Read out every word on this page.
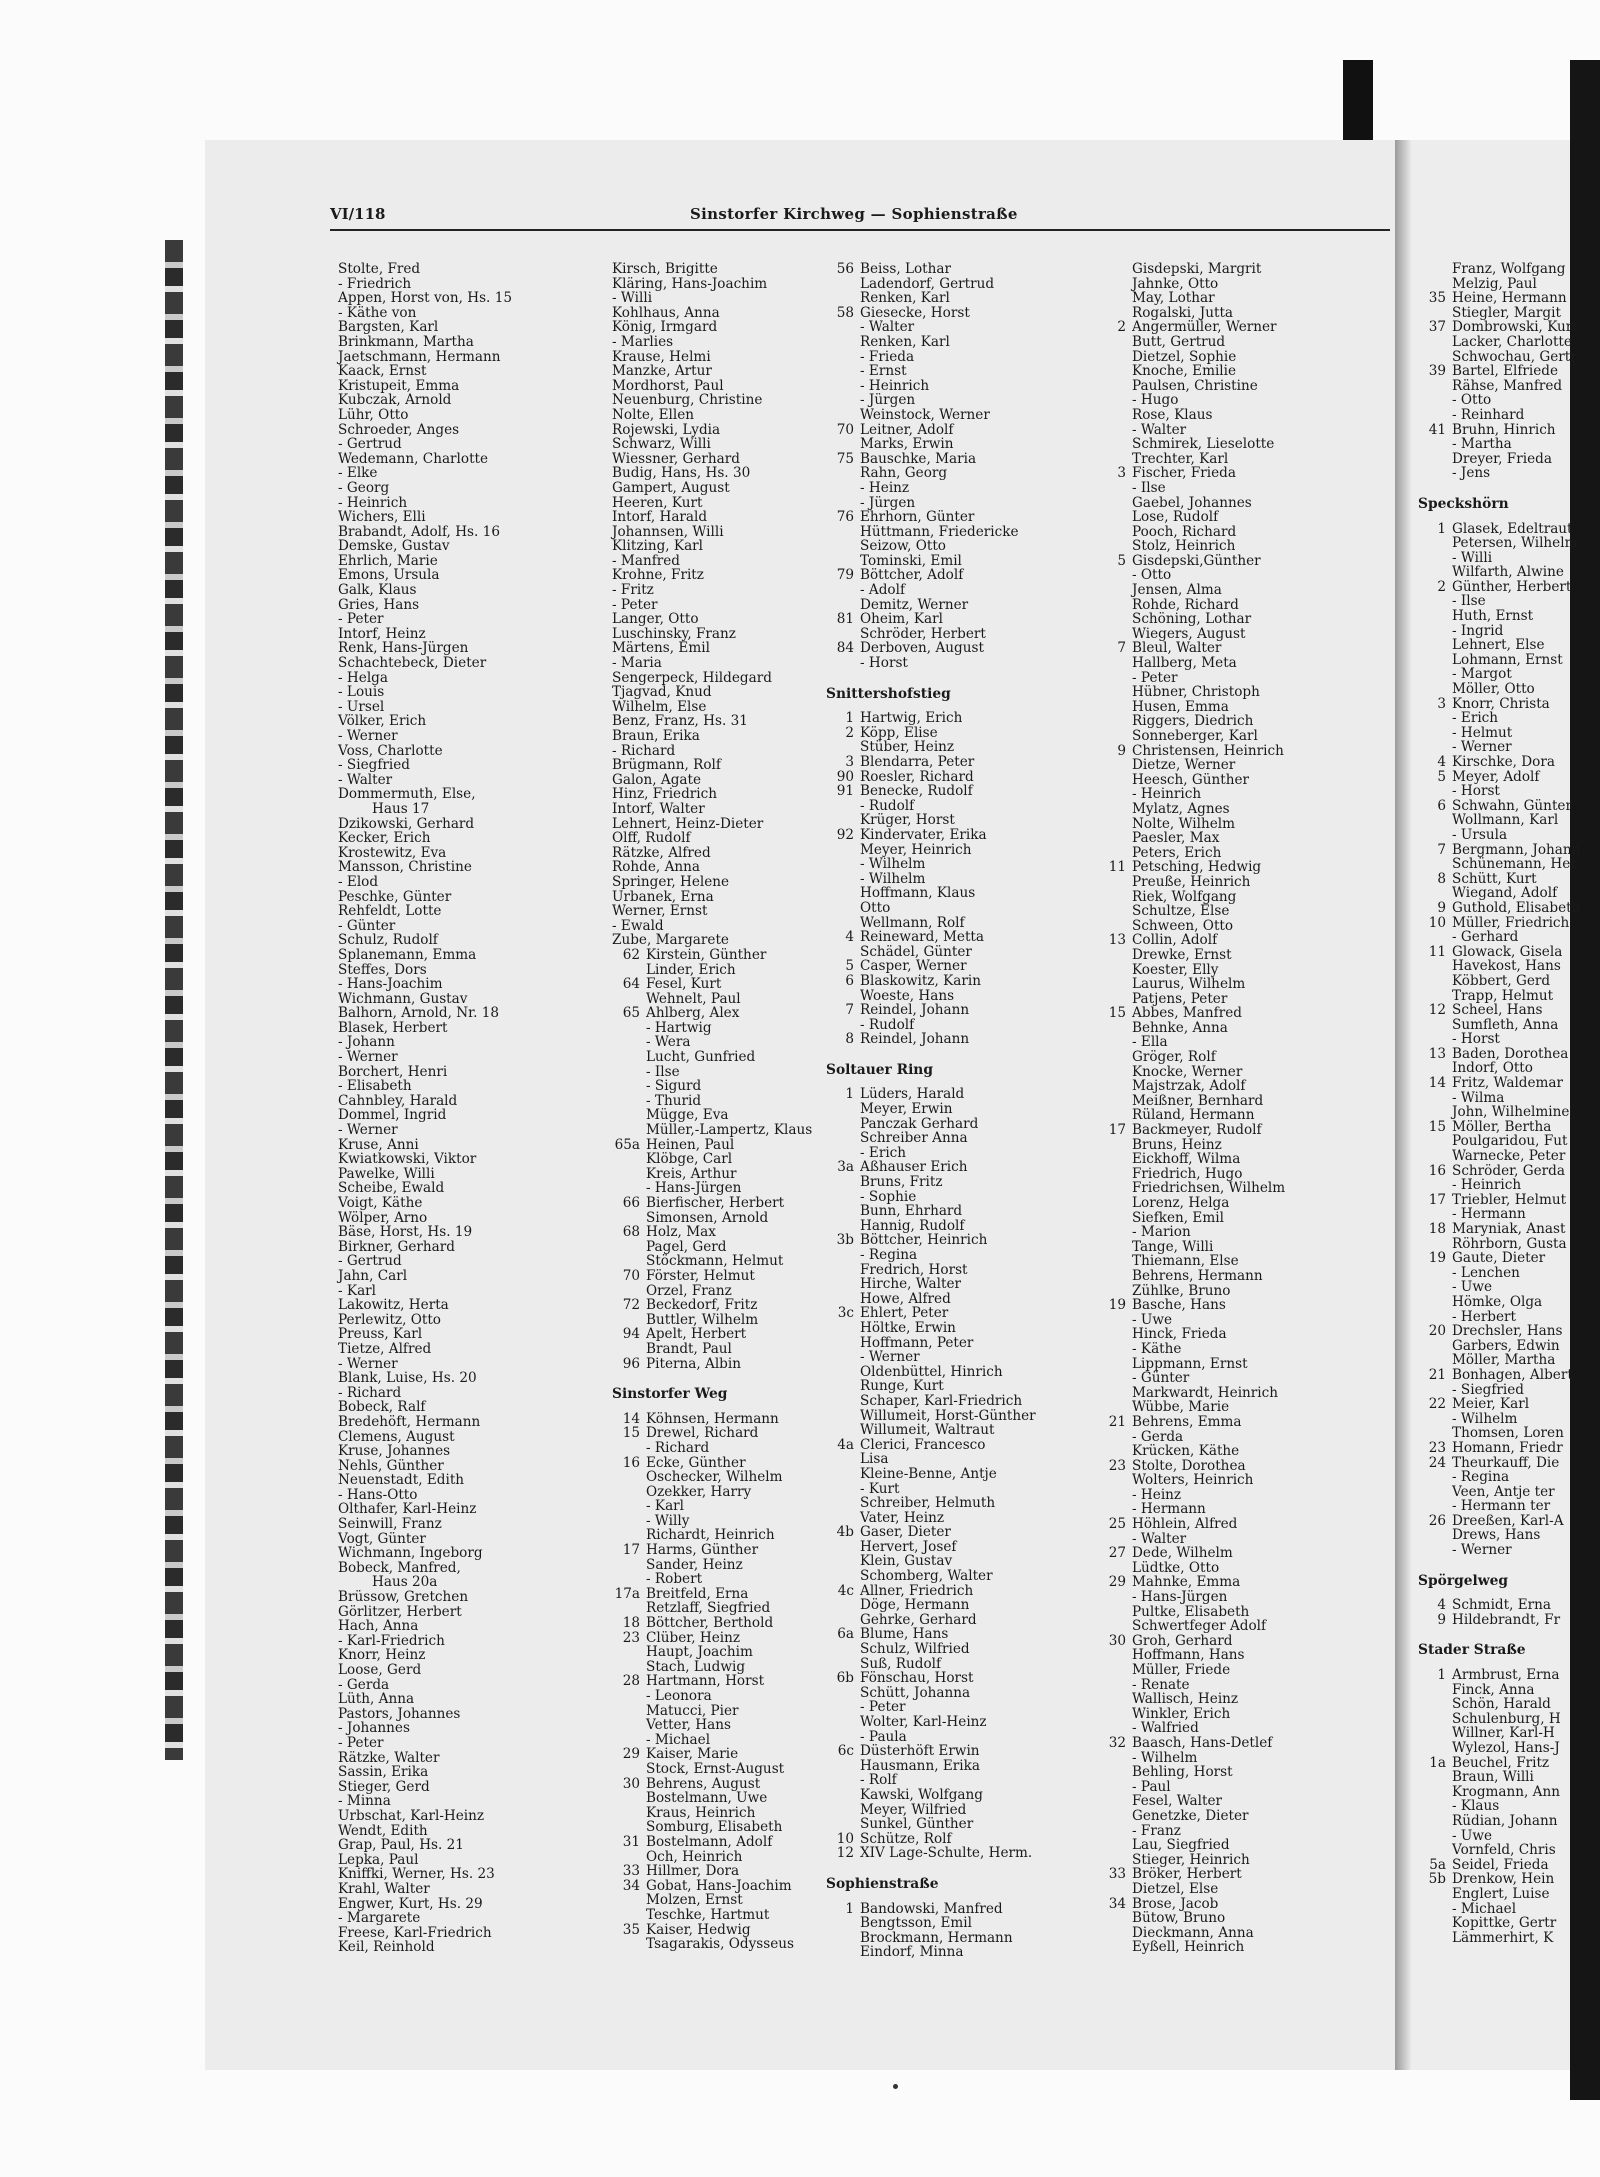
VI/118	Sinstorfer Kirchweg — Sophienstraße

Stolte, Fred

- Friedrich

Appen, Horst von, Hs. 15

- Käthe von

Bargsten, Karl

Brinkmann, Martha

Jaetschmann, Hermann

Kaack, Ernst

Kristupeit, Emma

Kubczak, Arnold

Lühr, Otto

Schroeder, Anges

- Gertrud

Wedemann, Charlotte

- Elke

- Georg

- Heinrich

Wichers, Elli

Brabandt, Adolf, Hs. 16

Demske, Gustav

Ehrlich, Marie

Emons, Ursula

Galk, Klaus

Gries, Hans

- Peter

Intorf, Heinz

Renk, Hans-Jürgen

Schachtebeck, Dieter

- Helga

- Louis

- Ursel

Völker, Erich

- Werner

Voss, Charlotte

- Siegfried

- Walter

Dommermuth, Else,

Haus 17

Dzikowski, Gerhard

Kecker, Erich

Krostewitz, Eva

Mansson, Christine

- Elod

Peschke, Günter

Rehfeldt, Lotte

- Günter

Schulz, Rudolf

Splanemann, Emma

Steffes, Dors

- Hans-Joachim

Wichmann, Gustav

Balhorn, Arnold, Nr. 18

Blasek, Herbert

- Johann

- Werner

Borchert, Henri

- Elisabeth

Cahnbley, Harald

Dommel, Ingrid

- Werner

Kruse, Anni

Kwiatkowski, Viktor

Pawelke, Willi

Scheibe, Ewald

Voigt, Käthe

Wölper, Arno

Bäse, Horst, Hs. 19

Birkner, Gerhard

- Gertrud

Jahn, Carl

- Karl

Lakowitz, Herta

Perlewitz, Otto

Preuss, Karl

Tietze, Alfred

- Werner

Blank, Luise, Hs. 20

- Richard

Bobeck, Ralf

Bredehöft, Hermann

Clemens, August

Kruse, Johannes

Nehls, Günther

Neuenstadt, Edith

- Hans-Otto

Olthafer, Karl-Heinz

Seinwill, Franz

Vogt, Günter

Wichmann, Ingeborg

Bobeck, Manfred,

Haus 20a

Brüssow, Gretchen

Görlitzer, Herbert

Hach, Anna

- Karl-Friedrich

Knorr, Heinz

Loose, Gerd

- Gerda

Lüth, Anna

Pastors, Johannes

- Johannes

- Peter

Rätzke, Walter

Sassin, Erika

Stieger, Gerd

- Minna

Urbschat, Karl-Heinz

Wendt, Edith

Grap, Paul, Hs. 21

Lepka, Paul

Kniffki, Werner, Hs. 23

Krahl, Walter

Engwer, Kurt, Hs. 29

- Margarete

Freese, Karl-Friedrich

Keil, Reinhold

Kirsch, Brigitte

Kläring, Hans-Joachim

- Willi

Kohlhaus, Anna

König, Irmgard

- Marlies

Krause, Helmi

Manzke, Artur

Mordhorst, Paul

Neuenburg, Christine

Nolte, Ellen

Rojewski, Lydia

Schwarz, Willi

Wiessner, Gerhard

Budig, Hans, Hs. 30

Gampert, August

Heeren, Kurt

Intorf, Harald

Johannsen, Willi

Klitzing, Karl

- Manfred

Krohne, Fritz

- Fritz

- Peter

Langer, Otto

Luschinsky, Franz

Märtens, Emil

- Maria

Sengerpeck, Hildegard

Tjagvad, Knud

Wilhelm, Else

Benz, Franz, Hs. 31

Braun, Erika

- Richard

Brügmann, Rolf

Galon, Agate

Hinz, Friedrich

Intorf, Walter

Lehnert, Heinz-Dieter

Olff, Rudolf

Rätzke, Alfred

Rohde, Anna

Springer, Helene

Urbanek, Erna

Werner, Ernst

- Ewald

Zube, Margarete

62 Kirstein, Günther

Linder, Erich

64 Fesel, Kurt

Wehnelt, Paul

65 Ahlberg, Alex

- Hartwig

- Wera

Lucht, Gunfried

- Ilse

- Sigurd

- Thurid

Mügge, Eva

Müller,-Lampertz, Klaus

65a Heinen, Paul

Klöbge, Carl

Kreis, Arthur

- Hans-Jürgen

66 Bierfischer, Herbert

Simonsen, Arnold

68 Holz, Max

Pagel, Gerd

Stöckmann, Helmut

70 Förster, Helmut

Orzel, Franz

72 Beckedorf, Fritz

Buttler, Wilhelm

94 Apelt, Herbert

Brandt, Paul

96 Piterna, Albin

Sinstorfer Weg

14 Köhnsen, Hermann

15 Drewel, Richard

- Richard

16 Ecke, Günther

Oschecker, Wilhelm

Ozekker, Harry

- Karl

- Willy

Richardt, Heinrich

17 Harms, Günther

Sander, Heinz

- Robert

17a Breitfeld, Erna

Retzlaff, Siegfried

18 Böttcher, Berthold

23 Clüber, Heinz

Haupt, Joachim

Stach, Ludwig

28 Hartmann, Horst

- Leonora

Matucci, Pier

Vetter, Hans

- Michael

29 Kaiser, Marie

Stock, Ernst-August

30 Behrens, August

Bostelmann, Uwe

Kraus, Heinrich

Somburg, Elisabeth

31 Bostelmann, Adolf

Och, Heinrich

33 Hillmer, Dora

34 Gobat, Hans-Joachim

Molzen, Ernst

Teschke, Hartmut

35 Kaiser, Hedwig

Tsagarakis, Odysseus

56 Beiss, Lothar

Ladendorf, Gertrud

Renken, Karl

58 Giesecke, Horst

- Walter

Renken, Karl

- Frieda

- Ernst

- Heinrich

- Jürgen

Weinstock, Werner

70 Leitner, Adolf

Marks, Erwin

75 Bauschke, Maria

Rahn, Georg

- Heinz

- Jürgen

76 Ehrhorn, Günter

Hüttmann, Friedericke

Seizow, Otto

Tominski, Emil

79 Böttcher, Adolf

- Adolf

Demitz, Werner

81 Oheim, Karl

Schröder, Herbert

84 Derboven, August

- Horst

Snittershofstieg

1 Hartwig, Erich

2 Köpp, Elise

Stüber, Heinz

3 Blendarra, Peter

90 Roesler, Richard

91 Benecke, Rudolf

- Rudolf

Krüger, Horst

92 Kindervater, Erika

Meyer, Heinrich

- Wilhelm

- Wilhelm

Hoffmann, Klaus

Otto

Wellmann, Rolf

4 Reineward, Metta

Schädel, Günter

5 Casper, Werner

6 Blaskowitz, Karin

Woeste, Hans

7 Reindel, Johann

- Rudolf

8 Reindel, Johann

Soltauer Ring

1 Lüders, Harald

Meyer, Erwin

Panczak Gerhard

Schreiber Anna

- Erich

3a Aßhauser Erich

Bruns, Fritz

- Sophie

Bunn, Ehrhard

Hannig, Rudolf

3b Böttcher, Heinrich

- Regina

Fredrich, Horst

Hirche, Walter

Howe, Alfred

3c Ehlert, Peter

Höltke, Erwin

Hoffmann, Peter

- Werner

Oldenbüttel, Hinrich

Runge, Kurt

Schaper, Karl-Friedrich

Willumeit, Horst-Günther

Willumeit, Waltraut

4a Clerici, Francesco

Lisa

Kleine-Benne, Antje

- Kurt

Schreiber, Helmuth

Vater, Heinz

4b Gaser, Dieter

Hervert, Josef

Klein, Gustav

Schomberg, Walter

4c Allner, Friedrich

Döge, Hermann

Gehrke, Gerhard

6a Blume, Hans

Schulz, Wilfried

Suß, Rudolf

6b Fönschau, Horst

Schütt, Johanna

- Peter

Wolter, Karl-Heinz

- Paula

6c Düsterhöft Erwin

Hausmann, Erika

- Rolf

Kawski, Wolfgang

Meyer, Wilfried

Sunkel, Günther

10 Schütze, Rolf

12 XIV Lage-Schulte, Herm.

Sophienstraße

1 Bandowski, Manfred

Bengtsson, Emil

Brockmann, Hermann

Eindorf, Minna

Gisdepski, Margrit

Jahnke, Otto

May, Lothar

Rogalski, Jutta

2 Angermüller, Werner

Butt, Gertrud

Dietzel, Sophie

Knoche, Emilie

Paulsen, Christine

- Hugo

Rose, Klaus

- Walter

Schmirek, Lieselotte

Trechter, Karl

3 Fischer, Frieda

- Ilse

Gaebel, Johannes

Lose, Rudolf

Pooch, Richard

Stolz, Heinrich

5 Gisdepski,Günther

- Otto

Jensen, Alma

Rohde, Richard

Schöning, Lothar

Wiegers, August

7 Bleul, Walter

Hallberg, Meta

- Peter

Hübner, Christoph

Husen, Emma

Riggers, Diedrich

Sonneberger, Karl

9 Christensen, Heinrich

Dietze, Werner

Heesch, Günther

- Heinrich

Mylatz, Agnes

Nolte, Wilhelm

Paesler, Max

Peters, Erich

11 Petsching, Hedwig

Preuße, Heinrich

Riek, Wolfgang

Schultze, Else

Schween, Otto

13 Collin, Adolf

Drewke, Ernst

Koester, Elly

Laurus, Wilhelm

Patjens, Peter

15 Abbes, Manfred

Behnke, Anna

- Ella

Gröger, Rolf

Knocke, Werner

Majstrzak, Adolf

Meißner, Bernhard

Rüland, Hermann

17 Backmeyer, Rudolf

Bruns, Heinz

Eickhoff, Wilma

Friedrich, Hugo

Friedrichsen, Wilhelm

Lorenz, Helga

Siefken, Emil

- Marion

Tange, Willi

Thiemann, Else

Behrens, Hermann

Zühlke, Bruno

19 Basche, Hans

- Uwe

Hinck, Frieda

- Käthe

Lippmann, Ernst

- Günter

Markwardt, Heinrich

Wübbe, Marie

21 Behrens, Emma

- Gerda

Krücken, Käthe

23 Stolte, Dorothea

Wolters, Heinrich

- Heinz

- Hermann

25 Höhlein, Alfred

- Walter

27 Dede, Wilhelm

Lüdtke, Otto

29 Mahnke, Emma

- Hans-Jürgen

Pultke, Elisabeth

Schwertfeger Adolf

30 Groh, Gerhard

Hoffmann, Hans

Müller, Friede

- Renate

Wallisch, Heinz

Winkler, Erich

- Walfried

32 Baasch, Hans-Detlef

- Wilhelm

Behling, Horst

- Paul

Fesel, Walter

Genetzke, Dieter

- Franz

Lau, Siegfried

Stieger, Heinrich

33 Bröker, Herbert

Dietzel, Else

34 Brose, Jacob

Bütow, Bruno

Dieckmann, Anna

Eyßell, Heinrich

Franz, Wolfgang

Melzig, Paul

35 Heine, Hermann

Stiegler, Margit

37 Dombrowski, Kurt

Lacker, Charlotte

Schwochau, Gertr

39 Bartel, Elfriede

Rähse, Manfred

- Otto

- Reinhard

41 Bruhn, Hinrich

- Martha

Dreyer, Frieda

- Jens

Speckshörn

1 Glasek, Edeltraut

Petersen, Wilhelm

- Willi

Wilfarth, Alwine

2 Günther, Herbert

- Ilse

Huth, Ernst

- Ingrid

Lehnert, Else

Lohmann, Ernst

- Margot

Möller, Otto

3 Knorr, Christa

- Erich

- Helmut

- Werner

4 Kirschke, Dora

5 Meyer, Adolf

- Horst

6 Schwahn, Günter

Wollmann, Karl

- Ursula

7 Bergmann, Johann

Schünemann, Her

8 Schütt, Kurt

Wiegand, Adolf

9 Guthold, Elisabeth

10 Müller, Friedrich

- Gerhard

11 Glowack, Gisela

Havekost, Hans

Köbbert, Gerd

Trapp, Helmut

12 Scheel, Hans

Sumfleth, Anna

- Horst

13 Baden, Dorothea

Indorf, Otto

14 Fritz, Waldemar

- Wilma

John, Wilhelmine

15 Möller, Bertha

Poulgaridou, Fut

Warnecke, Peter

16 Schröder, Gerda

- Heinrich

17 Triebler, Helmut

- Hermann

18 Maryniak, Anast

Röhrborn, Gusta

19 Gaute, Dieter

- Lenchen

- Uwe

Hömke, Olga

- Herbert

20 Drechsler, Hans

Garbers, Edwin

Möller, Martha

21 Bonhagen, Albert

- Siegfried

22 Meier, Karl

- Wilhelm

Thomsen, Loren

23 Homann, Friedr

24 Theurkauff, Die

- Regina

Veen, Antje ter

- Hermann ter

26 Dreeßen, Karl-A

Drews, Hans

- Werner

Spörgelweg

4 Schmidt, Erna

9 Hildebrandt, Fr

Stader Straße

1 Armbrust, Erna

Finck, Anna

Schön, Harald

Schulenburg, H

Willner, Karl-H

Wylezol, Hans-J

1a Beuchel, Fritz

Braun, Willi

Krogmann, Ann

- Klaus

Rüdian, Johann

- Uwe

Vornfeld, Chris

5a Seidel, Frieda

5b Drenkow, Hein

Englert, Luise

- Michael

Kopittke, Gertr

Lämmerhirt, K
